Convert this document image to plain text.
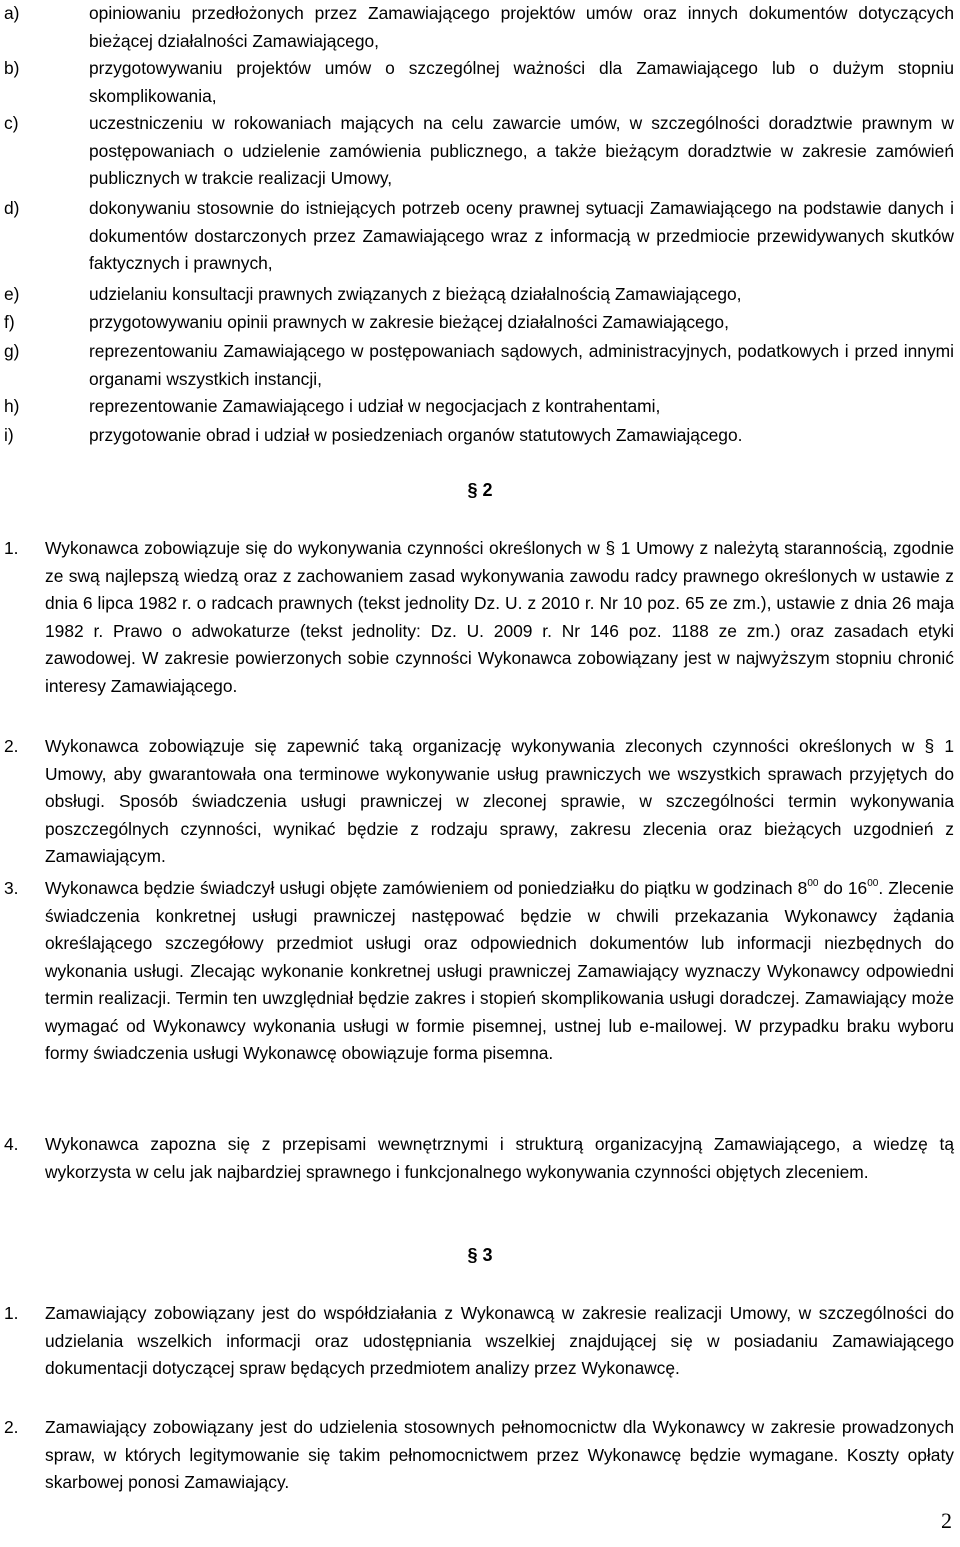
a)	opiniowaniu przedłożonych przez Zamawiającego projektów umów oraz innych dokumentów dotyczących bieżącej działalności Zamawiającego,
b)	przygotowywaniu projektów umów o szczególnej ważności dla Zamawiającego lub o dużym stopniu skomplikowania,
c)	uczestniczeniu w rokowaniach mających na celu zawarcie umów, w szczególności doradztwie prawnym w postępowaniach o udzielenie zamówienia publicznego, a także bieżącym doradztwie w zakresie zamówień publicznych w trakcie realizacji Umowy,
d)	dokonywaniu stosownie do istniejących potrzeb oceny prawnej sytuacji Zamawiającego na podstawie danych i dokumentów dostarczonych przez Zamawiającego wraz z informacją w przedmiocie przewidywanych skutków faktycznych i prawnych,
e)	udzielaniu konsultacji prawnych związanych z bieżącą działalnością Zamawiającego,
f)	przygotowywaniu opinii prawnych w zakresie bieżącej działalności Zamawiającego,
g)	reprezentowaniu Zamawiającego w postępowaniach sądowych, administracyjnych, podatkowych i przed innymi organami wszystkich instancji,
h)	reprezentowanie Zamawiającego i udział w negocjacjach z kontrahentami,
i)	przygotowanie obrad i udział w posiedzeniach organów statutowych Zamawiającego.
§ 2
1. Wykonawca zobowiązuje się do wykonywania czynności określonych w § 1 Umowy z należytą starannością, zgodnie ze swą najlepszą wiedzą oraz z zachowaniem zasad wykonywania zawodu radcy prawnego określonych w ustawie z dnia 6 lipca 1982 r. o radcach prawnych (tekst jednolity Dz. U. z 2010 r. Nr 10 poz. 65 ze zm.), ustawie z dnia 26 maja 1982 r. Prawo o adwokaturze (tekst jednolity: Dz. U. 2009 r. Nr 146 poz. 1188 ze zm.) oraz zasadach etyki zawodowej. W zakresie powierzonych sobie czynności Wykonawca zobowiązany jest w najwyższym stopniu chronić interesy Zamawiającego.
2. Wykonawca zobowiązuje się zapewnić taką organizację wykonywania zleconych czynności określonych w § 1 Umowy, aby gwarantowała ona terminowe wykonywanie usług prawniczych we wszystkich sprawach przyjętych do obsługi. Sposób świadczenia usługi prawniczej w zleconej sprawie, w szczególności termin wykonywania poszczególnych czynności, wynikać będzie z rodzaju sprawy, zakresu zlecenia oraz bieżących uzgodnień z Zamawiającym.
3. Wykonawca będzie świadczył usługi objęte zamówieniem od poniedziałku do piątku w godzinach $8^{00}$ do $16^{00}$. Zlecenie świadczenia konkretnej usługi prawniczej następować będzie w chwili przekazania Wykonawcy żądania określającego szczegółowy przedmiot usługi oraz odpowiednich dokumentów lub informacji niezbędnych do wykonania usługi. Zlecając wykonanie konkretnej usługi prawniczej Zamawiający wyznaczy Wykonawcy odpowiedni termin realizacji. Termin ten uwzględniał będzie zakres i stopień skomplikowania usługi doradczej. Zamawiający może wymagać od Wykonawcy wykonania usługi w formie pisemnej, ustnej lub e-mailowej. W przypadku braku wyboru formy świadczenia usługi Wykonawcę obowiązuje forma pisemna.
4. Wykonawca zapozna się z przepisami wewnętrznymi i strukturą organizacyjną Zamawiającego, a wiedzę tą wykorzysta w celu jak najbardziej sprawnego i funkcjonalnego wykonywania czynności objętych zleceniem.
§ 3
1. Zamawiający zobowiązany jest do współdziałania z Wykonawcą w zakresie realizacji Umowy, w szczególności do udzielania wszelkich informacji oraz udostępniania wszelkiej znajdującej się w posiadaniu Zamawiającego dokumentacji dotyczącej spraw będących przedmiotem analizy przez Wykonawcę.
2. Zamawiający zobowiązany jest do udzielenia stosownych pełnomocnictw dla Wykonawcy w zakresie prowadzonych spraw, w których legitymowanie się takim pełnomocnictwem przez Wykonawcę będzie wymagane. Koszty opłaty skarbowej ponosi Zamawiający.
2
